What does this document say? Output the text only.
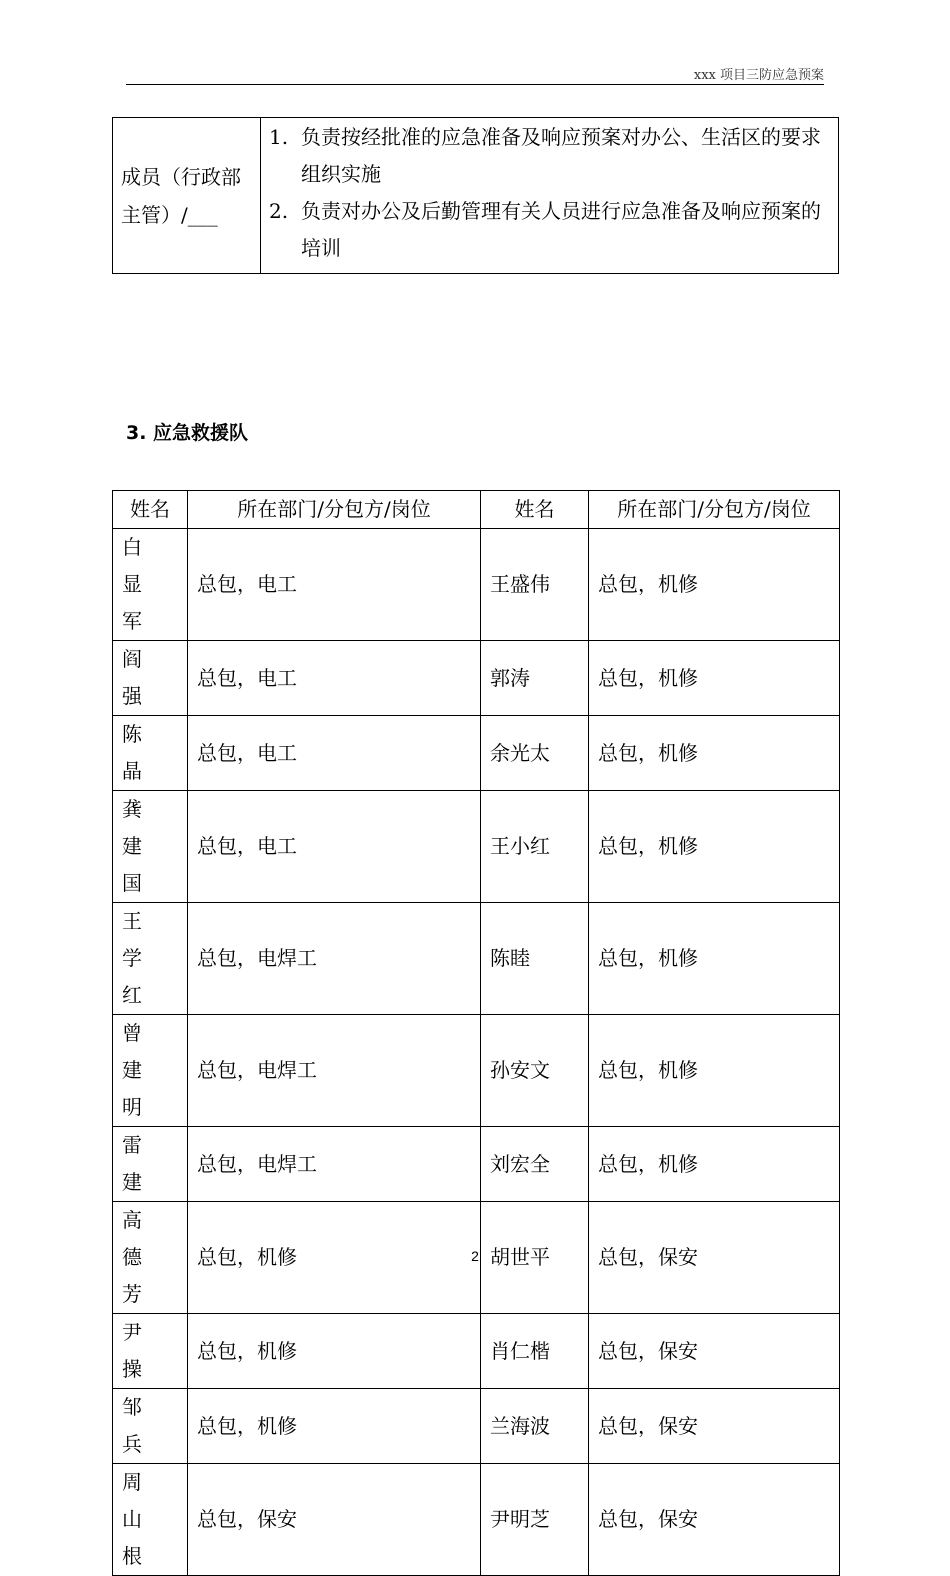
xxx 项目三防应急预案
成员（行政部主管）/___	
1. 负责按经批准的应急准备及响应预案对办公、生活区的要求组织实施
2. 负责对办公及后勤管理有关人员进行应急准备及响应预案的培训
3. 应急救援队
姓名	所在部门/分包方/岗位	姓名	所在部门/分包方/岗位
白显军	总包，电工	王盛伟	总包，机修
阎强	总包，电工	郭涛	总包，机修
陈晶	总包，电工	余光太	总包，机修
龚建国	总包，电工	王小红	总包，机修
王学红	总包，电焊工	陈睦	总包，机修
曾建明	总包，电焊工	孙安文	总包，机修
雷建	总包，电焊工	刘宏全	总包，机修
高德芳	总包，机修	胡世平	总包，保安
尹操	总包，机修	肖仁楷	总包，保安
邹兵	总包，机修	兰海波	总包，保安
周山根	总包，保安	尹明芝	总包，保安
2
